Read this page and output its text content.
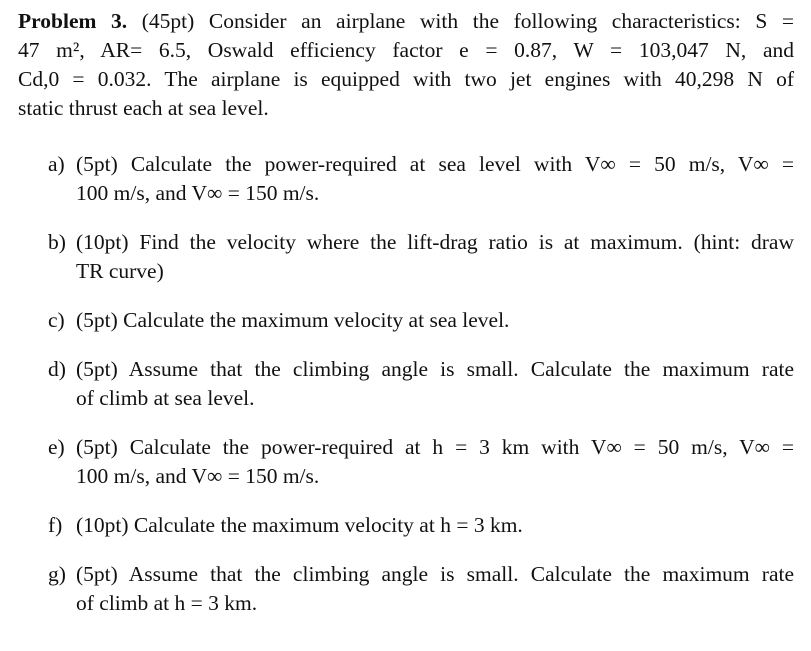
Problem 3. (45pt) Consider an airplane with the following characteristics: S =
47 m², AR= 6.5, Oswald efficiency factor e = 0.87, W = 103,047 N, and
Cd,0 = 0.032. The airplane is equipped with two jet engines with 40,298 N of
static thrust each at sea level.
a) (5pt) Calculate the power-required at sea level with V∞ = 50 m/s, V∞ =
100 m/s, and V∞ = 150 m/s.
b) (10pt) Find the velocity where the lift-drag ratio is at maximum. (hint: draw
TR curve)
c) (5pt) Calculate the maximum velocity at sea level.
d) (5pt) Assume that the climbing angle is small. Calculate the maximum rate
of climb at sea level.
e) (5pt) Calculate the power-required at h = 3 km with V∞ = 50 m/s, V∞ =
100 m/s, and V∞ = 150 m/s.
f) (10pt) Calculate the maximum velocity at h = 3 km.
g) (5pt) Assume that the climbing angle is small. Calculate the maximum rate
of climb at h = 3 km.
